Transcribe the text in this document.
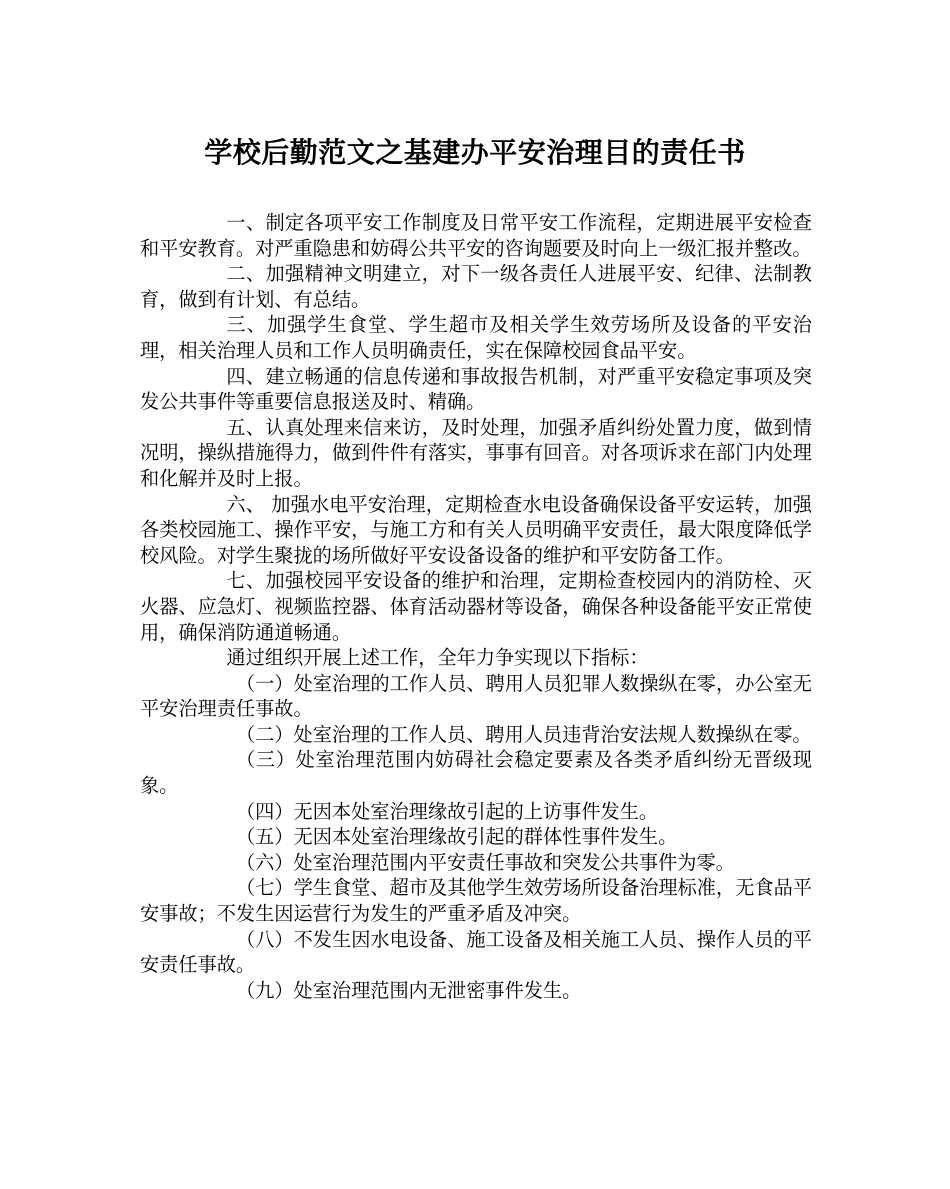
学校后勤范文之基建办平安治理目的责任书

一、制定各项平安工作制度及日常平安工作流程，定期进展平安检查和平安教育。对严重隐患和妨碍公共平安的咨询题要及时向上一级汇报并整改。

二、加强精神文明建立，对下一级各责任人进展平安、纪律、法制教育，做到有计划、有总结。

三、加强学生食堂、学生超市及相关学生效劳场所及设备的平安治理，相关治理人员和工作人员明确责任，实在保障校园食品平安。

四、建立畅通的信息传递和事故报告机制，对严重平安稳定事项及突发公共事件等重要信息报送及时、精确。

五、认真处理来信来访，及时处理，加强矛盾纠纷处置力度，做到情况明，操纵措施得力，做到件件有落实，事事有回音。对各项诉求在部门内处理和化解并及时上报。

六、 加强水电平安治理，定期检查水电设备确保设备平安运转，加强各类校园施工、操作平安，与施工方和有关人员明确平安责任，最大限度降低学校风险。对学生聚拢的场所做好平安设备设备的维护和平安防备工作。

七、加强校园平安设备的维护和治理，定期检查校园内的消防栓、灭火器、应急灯、视频监控器、体育活动器材等设备，确保各种设备能平安正常使用，确保消防通道畅通。

通过组织开展上述工作，全年力争实现以下指标：

（一）处室治理的工作人员、聘用人员犯罪人数操纵在零，办公室无平安治理责任事故。

（二）处室治理的工作人员、聘用人员违背治安法规人数操纵在零。

（三）处室治理范围内妨碍社会稳定要素及各类矛盾纠纷无晋级现象。

（四）无因本处室治理缘故引起的上访事件发生。

（五）无因本处室治理缘故引起的群体性事件发生。

（六）处室治理范围内平安责任事故和突发公共事件为零。

（七）学生食堂、超市及其他学生效劳场所设备治理标准，无食品平安事故；不发生因运营行为发生的严重矛盾及冲突。

（八）不发生因水电设备、施工设备及相关施工人员、操作人员的平安责任事故。

（九）处室治理范围内无泄密事件发生。
